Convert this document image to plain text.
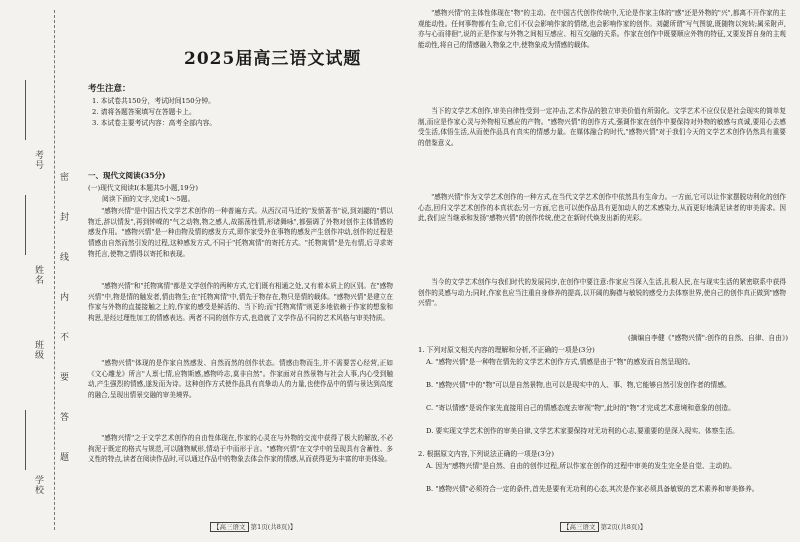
考号
姓名
班级
学校
密
封
线
内
不
要
答
题
2025届高三语文试题
考生注意：
1. 本试卷共150分，考试时间150分钟。
2. 请将各题答案填写在答题卡上。
3. 本试卷主要考试内容：高考全部内容。
一、现代文阅读(35分)
(一)现代文阅读Ⅰ(本题共5小题,19分)
阅读下面的文字,完成1～5题。
"感物兴情"是中国古代文学艺术创作的一种普遍方式。从西汉司马迁的"发愤著书"说,到刘勰的"情以物迁,辞以情发",再到钟嵘的"气之动物,物之感人,故摇荡性情,形诸舞咏",都强调了外物对创作主体情感的感发作用。"感物兴情"是一种由物及情的感发方式,即作家受外在事物的感发产生创作冲动,创作的过程是情感由自然而然引发的过程,这种感发方式,不同于"托物寓情"的寄托方式。"托物寓情"是先有情,后寻求寄物托言,使物之情得以寄托和表现。
"感物兴情"和"托物寓情"都是文学创作的两种方式,它们既有相通之处,又有着本质上的区别。在"感物兴情"中,物是情的触发者,情由物生;在"托物寓情"中,情先于物存在,物只是情的载体。"感物兴情"是建立在作家与外物的直接接触之上的,作家的感受是鲜活的、当下的;而"托物寓情"则更多地依赖于作家的想象和构思,是经过理性加工的情感表达。两者不同的创作方式,也造就了文学作品不同的艺术风格与审美特质。
"感物兴情"体现的是作家自然感发、自然而然的创作状态。情感由物而生,并不需要苦心经营,正如《文心雕龙》所言"人禀七情,应物斯感,感物吟志,莫非自然"。作家面对自然景物与社会人事,内心受到触动,产生强烈的情感,遂发而为诗。这种创作方式使作品具有真挚动人的力量,也使作品中的情与景达到高度的融合,呈现出情景交融的审美境界。
"感物兴情"之于文学艺术创作的自由性体现在,作家的心灵在与外物的交流中获得了极大的解放,不必拘泥于既定的格式与规范,可以随物赋形,情动于中而形于言。"感物兴情"在文学中的呈现具有含蓄性、多义性的特点,读者在阅读作品时,可以通过作品中的物象去体会作家的情感,从而获得更为丰富的审美体验。
【高三语文 第1页(共8页)】
"感物兴情"的主体性体现在"物"的主动、在中国古代创作传统中,无论是作家主体的"感"还是外物的"兴",都离不开作家的主观能动性。任何事物都有生命,它们不仅会影响作家的情绪,也会影响作家的创作。刘勰所谓"写气图貌,既随物以宛转;属采附声,亦与心而徘徊",说的正是作家与外物之间相互感应、相互交融的关系。作家在创作中既要顺应外物的特征,又要发挥自身的主观能动性,将自己的情感融入物象之中,使物象成为情感的载体。
当下的文学艺术创作,审美自律性受到一定冲击,艺术作品的独立审美价值有所弱化。文学艺术不应仅仅是社会现实的简单复制,而应是作家心灵与外物相互感应的产物。"感物兴情"的创作方式,强调作家在创作中要保持对外物的敏感与真诚,要用心去感受生活,体悟生活,从而使作品具有真实的情感力量。在媒体融合的时代,"感物兴情"对于我们今天的文学艺术创作仍然具有重要的借鉴意义。
"感物兴情"作为文学艺术创作的一种方式,在当代文学艺术创作中依然具有生命力。一方面,它可以让作家摆脱功利化的创作心态,回归文学艺术创作的本真状态;另一方面,它也可以使作品具有更加动人的艺术感染力,从而更好地满足读者的审美需求。因此,我们应当继承和发扬"感物兴情"的创作传统,使之在新时代焕发出新的光彩。
当今的文学艺术创作与我们时代的发展同步,在创作中要注意:作家应当深入生活,扎根人民,在与现实生活的紧密联系中获得创作的灵感与动力;同时,作家也应当注重自身修养的提高,以开阔的胸襟与敏锐的感受力去体察世界,使自己的创作真正做到"感物兴情"。
(摘编自李健《"感物兴情":创作的自然、自律、自由》)
1. 下列对原文相关内容的理解和分析,不正确的一项是(3分)
A. "感物兴情"是一种物在情先的文学艺术创作方式,情感是由于"物"的感发而自然呈现的。
B. "感物兴情"中的"物"可以是自然景物,也可以是现实中的人、事、物,它能够自然引发创作者的情感。
C. "寄以情感"是说作家先直接用自己的情感态度去审视"物",此时的"物"才完成艺术意境和意象的创造。
D. 要实现文学艺术创作的审美自律,文学艺术家要保持对无功利的心志,要重要的是深入现实、体察生活。
2. 根据原文内容,下列说法正确的一项是(3分)
A. 因为"感物兴情"是自然、自由的创作过程,所以作家在创作的过程中审美的发生完全是自觉、主动的。
B. "感物兴情"必须符合一定的条件,首先是要有无功利的心态,其次是作家必须具备敏锐的艺术素养和审美修养。
【高三语文 第2页(共8页)】
